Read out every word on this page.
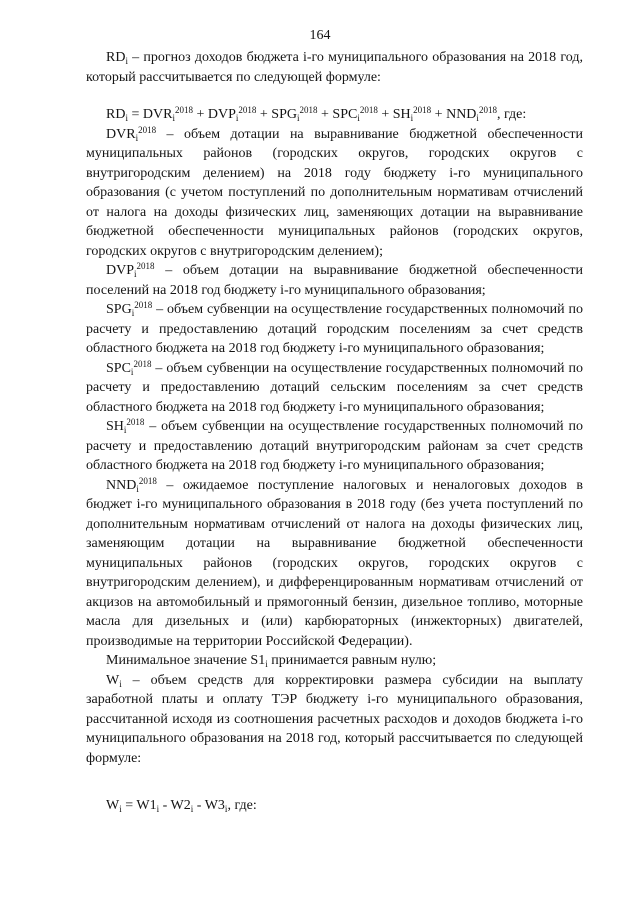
164

$RD_i$ – прогноз доходов бюджета i-го муниципального образования на 2018 год, который рассчитывается по следующей формуле:

$RD_i = DVR_i^{2018} + DVP_i^{2018} + SPG_i^{2018} + SPC_i^{2018} + SH_i^{2018} + NND_i^{2018}$, где:

$DVR_i^{2018}$ – объем дотации на выравнивание бюджетной обеспеченности муниципальных районов (городских округов, городских округов с внутригородским делением) на 2018 году бюджету i-го муниципального образования (с учетом поступлений по дополнительным нормативам отчислений от налога на доходы физических лиц, заменяющих дотации на выравнивание бюджетной обеспеченности муниципальных районов (городских округов, городских округов с внутригородским делением);

$DVP_i^{2018}$ – объем дотации на выравнивание бюджетной обеспеченности поселений на 2018 год бюджету i-го муниципального образования;

$SPG_i^{2018}$ – объем субвенции на осуществление государственных полномочий по расчету и предоставлению дотаций городским поселениям за счет средств областного бюджета на 2018 год бюджету i-го муниципального образования;

$SPC_i^{2018}$ – объем субвенции на осуществление государственных полномочий по расчету и предоставлению дотаций сельским поселениям за счет средств областного бюджета на 2018 год бюджету i-го муниципального образования;

$SH_i^{2018}$ – объем субвенции на осуществление государственных полномочий по расчету и предоставлению дотаций внутригородским районам за счет средств областного бюджета на 2018 год бюджету i-го муниципального образования;

$NND_i^{2018}$ – ожидаемое поступление налоговых и неналоговых доходов в бюджет i-го муниципального образования в 2018 году (без учета поступлений по дополнительным нормативам отчислений от налога на доходы физических лиц, заменяющим дотации на выравнивание бюджетной обеспеченности муниципальных районов (городских округов, городских округов с внутригородским делением), и дифференцированным нормативам отчислений от акцизов на автомобильный и прямогонный бензин, дизельное топливо, моторные масла для дизельных и (или) карбюраторных (инжекторных) двигателей, производимые на территории Российской Федерации).

Минимальное значение $S1_i$ принимается равным нулю;

$W_i$ – объем средств для корректировки размера субсидии на выплату заработной платы и оплату ТЭР бюджету i-го муниципального образования, рассчитанной исходя из соотношения расчетных расходов и доходов бюджета i-го муниципального образования на 2018 год, который рассчитывается по следующей формуле:

$W_i = W1_i - W2_i - W3_i$, где:
